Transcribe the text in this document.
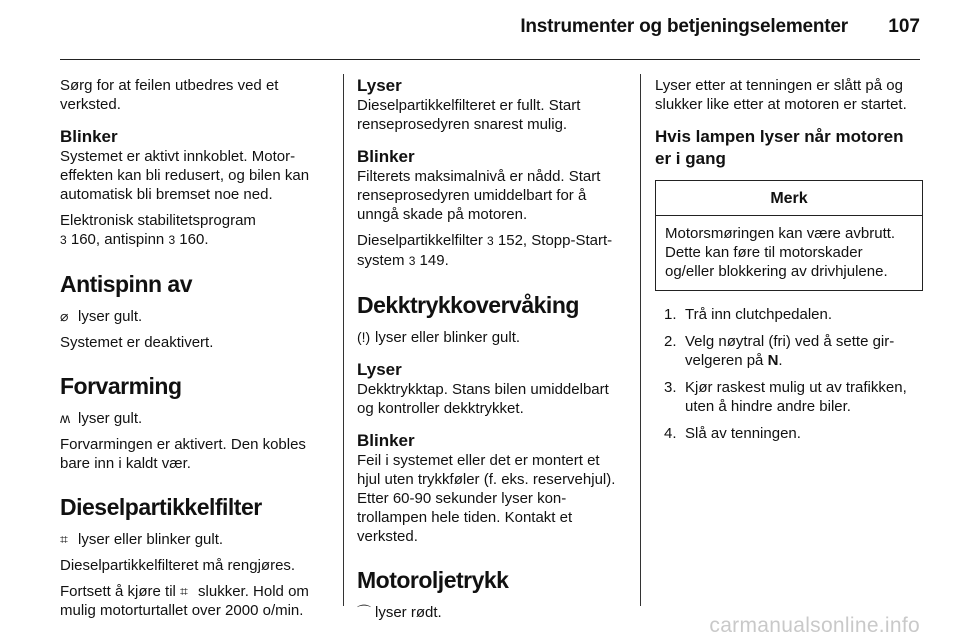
Instrumenter og betjeningselementer 107

Sørg for at feilen utbedres ved et verksted.

Blinker

Systemet er aktivt innkoblet. Motoreffekten kan bli redusert, og bilen kan automatisk bli bremset noe ned.

Elektronisk stabilitetsprogram
3 160, antispinn 3 160.

Antispinn av

⌀ lyser gult.

Systemet er deaktivert.

Forvarming

ʍ lyser gult.

Forvarmingen er aktivert. Den kobles bare inn i kaldt vær.

Dieselpartikkelfilter

⌗ lyser eller blinker gult.

Dieselpartikkelfilteret må rengjøres.

Fortsett å kjøre til ⌗ slukker. Hold om mulig motorturtallet over 2000 o/min.

Lyser

Dieselpartikkelfilteret er fullt. Start renseprosedyren snarest mulig.

Blinker

Filterets maksimalnivå er nådd. Start renseprosedyren umiddelbart for å unngå skade på motoren.

Dieselpartikkelfilter 3 152, Stopp-Start-system 3 149.

Dekktrykkovervåking

(!) lyser eller blinker gult.

Lyser

Dekktrykktap. Stans bilen umiddelbart og kontroller dekktrykket.

Blinker

Feil i systemet eller det er montert et hjul uten trykkføler (f. eks. reservehjul). Etter 60-90 sekunder lyser kontrollampen hele tiden. Kontakt et verksted.

Motoroljetrykk

⌒ lyser rødt.

Lyser etter at tenningen er slått på og slukker like etter at motoren er startet.

Hvis lampen lyser når motoren er i gang
Merk
Motorsmøringen kan være avbrutt. Dette kan føre til motorskader og/eller blokkering av drivhjulene.
1. Trå inn clutchpedalen.
2. Velg nøytral (fri) ved å sette girvelgeren på N.
3. Kjør raskest mulig ut av trafikken, uten å hindre andre biler.
4. Slå av tenningen.
carmanualsonline.info
